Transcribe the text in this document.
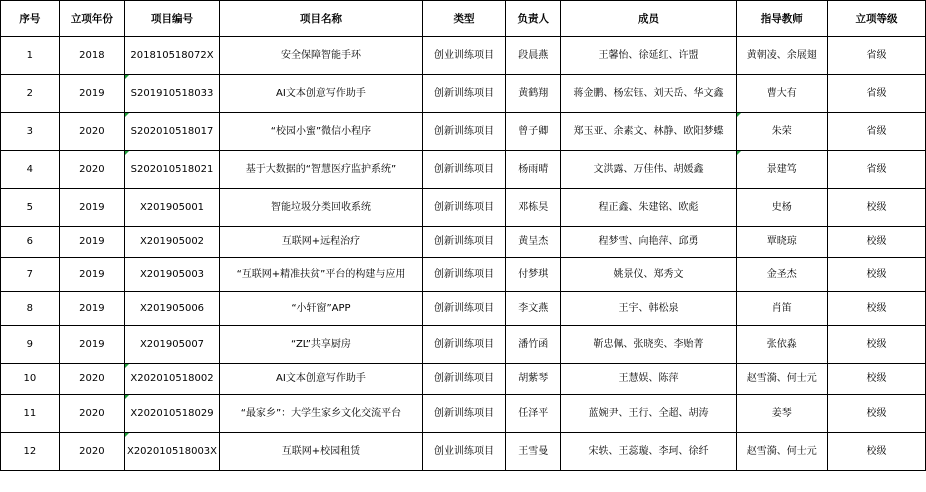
序号	立项年份	项目编号	项目名称	类型	负责人	成员	指导教师	立项等级
1	2018	201810518072X	安全保障智能手环	创业训练项目	段晨燕	王馨怡、徐延红、许盟	黄朝凌、余展翅	省级
2	2019	S201910518033	AI文本创意写作助手	创新训练项目	黄鹤翔	蒋金鹏、杨宏钰、刘天岳、华文鑫	曹大有	省级
3	2020	S202010518017	“校园小蜜”微信小程序	创新训练项目	曾子卿	郑玉亚、余素文、林静、欧阳梦蝶	朱荣	省级
4	2020	S202010518021	基于大数据的“智慧医疗监护系统”	创新训练项目	杨雨晴	文洪露、万佳伟、胡媛鑫	景建笃	省级
5	2019	X201905001	智能垃圾分类回收系统	创新训练项目	邓栋昊	程正鑫、朱建铭、欧彪	史杨	校级
6	2019	X201905002	互联网+远程治疗	创新训练项目	黄呈杰	程梦雪、向艳萍、邱勇	覃晓琼	校级
7	2019	X201905003	“互联网+精准扶贫”平台的构建与应用	创新训练项目	付梦琪	姚景仪、郑秀文	金圣杰	校级
8	2019	X201905006	“小轩窗”APP	创新训练项目	李文燕	王宇、韩松泉	肖笛	校级
9	2019	X201905007	“ZL”共享厨房	创新训练项目	潘竹函	靳忠佩、张晓奕、李贻菁	张依淼	校级
10	2020	X202010518002	AI文本创意写作助手	创新训练项目	胡紫琴	王慧娱、陈萍	赵雪漪、何士元	校级
11	2020	X202010518029	“最家乡”：大学生家乡文化交流平台	创新训练项目	任泽平	蓝婉尹、王行、全超、胡涛	姜琴	校级
12	2020	X202010518003X	互联网+校园租赁	创业训练项目	王雪曼	宋轶、王蕊璇、李珂、徐纤	赵雪漪、何士元	校级
